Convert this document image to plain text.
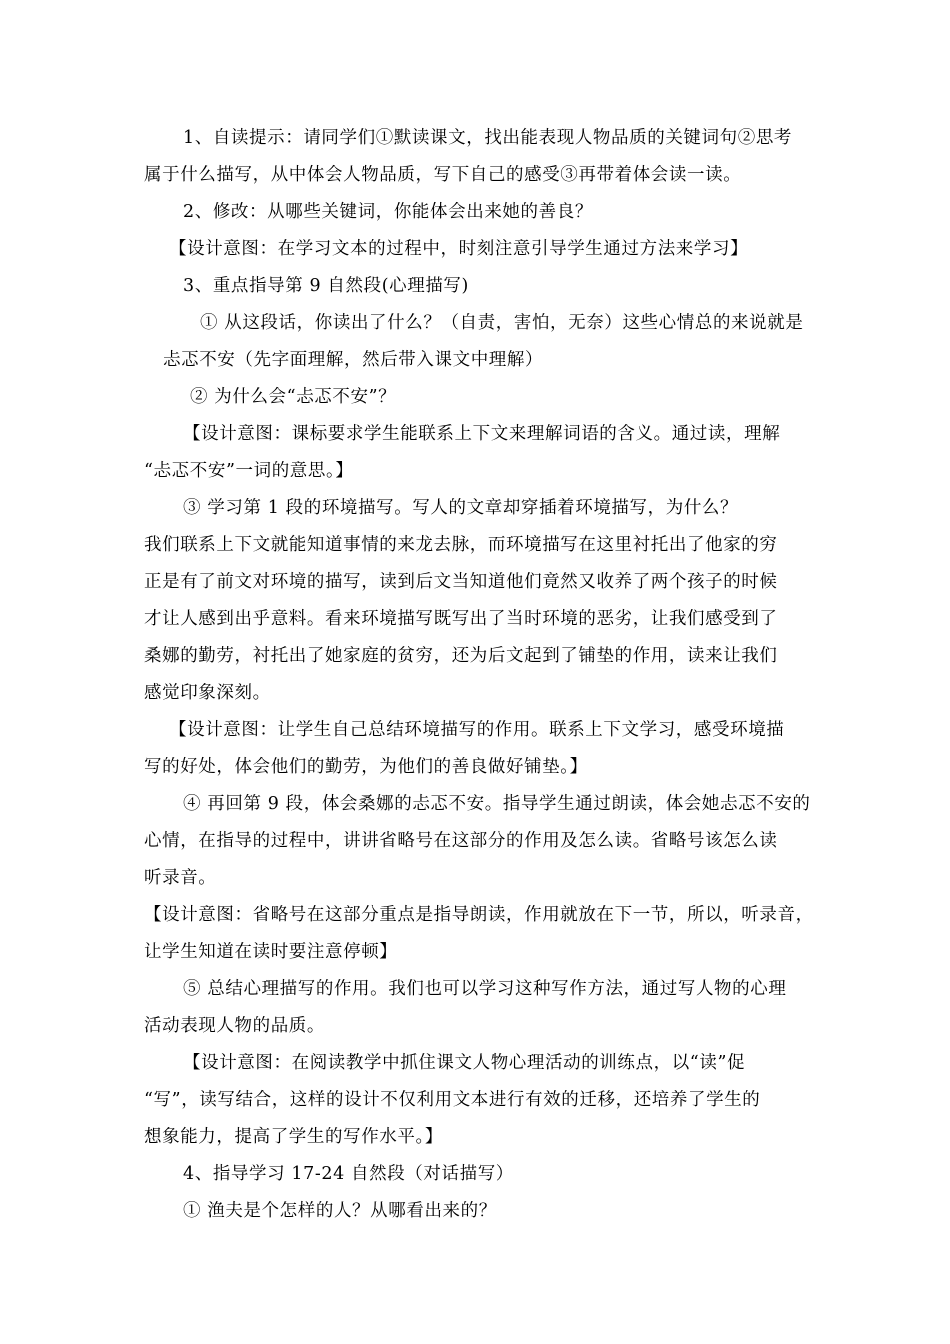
1、自读提示：请同学们①默读课文，找出能表现人物品质的关键词句②思考
属于什么描写，从中体会人物品质，写下自己的感受③再带着体会读一读。
2、修改：从哪些关键词，你能体会出来她的善良？
【设计意图：在学习文本的过程中，时刻注意引导学生通过方法来学习】
3、重点指导第 9 自然段(心理描写)
① 从这段话，你读出了什么？（自责，害怕，无奈）这些心情总的来说就是
忐忑不安（先字面理解，然后带入课文中理解）
② 为什么会“忐忑不安”？
【设计意图：课标要求学生能联系上下文来理解词语的含义。通过读，理解
“忐忑不安”一词的意思。】
③ 学习第 1 段的环境描写。写人的文章却穿插着环境描写，为什么？
我们联系上下文就能知道事情的来龙去脉，而环境描写在这里衬托出了他家的穷
正是有了前文对环境的描写，读到后文当知道他们竟然又收养了两个孩子的时候
才让人感到出乎意料。看来环境描写既写出了当时环境的恶劣，让我们感受到了
桑娜的勤劳，衬托出了她家庭的贫穷，还为后文起到了铺垫的作用，读来让我们
感觉印象深刻。
【设计意图：让学生自己总结环境描写的作用。联系上下文学习，感受环境描
写的好处，体会他们的勤劳，为他们的善良做好铺垫。】
④ 再回第 9 段，体会桑娜的忐忑不安。指导学生通过朗读，体会她忐忑不安的
心情，在指导的过程中，讲讲省略号在这部分的作用及怎么读。省略号该怎么读
听录音。
【设计意图：省略号在这部分重点是指导朗读，作用就放在下一节，所以，听录音，
让学生知道在读时要注意停顿】
⑤ 总结心理描写的作用。我们也可以学习这种写作方法，通过写人物的心理
活动表现人物的品质。
【设计意图：在阅读教学中抓住课文人物心理活动的训练点，以“读”促
“写”，读写结合，这样的设计不仅利用文本进行有效的迁移，还培养了学生的
想象能力，提高了学生的写作水平。】
4、指导学习 17-24 自然段（对话描写）
① 渔夫是个怎样的人？从哪看出来的？
